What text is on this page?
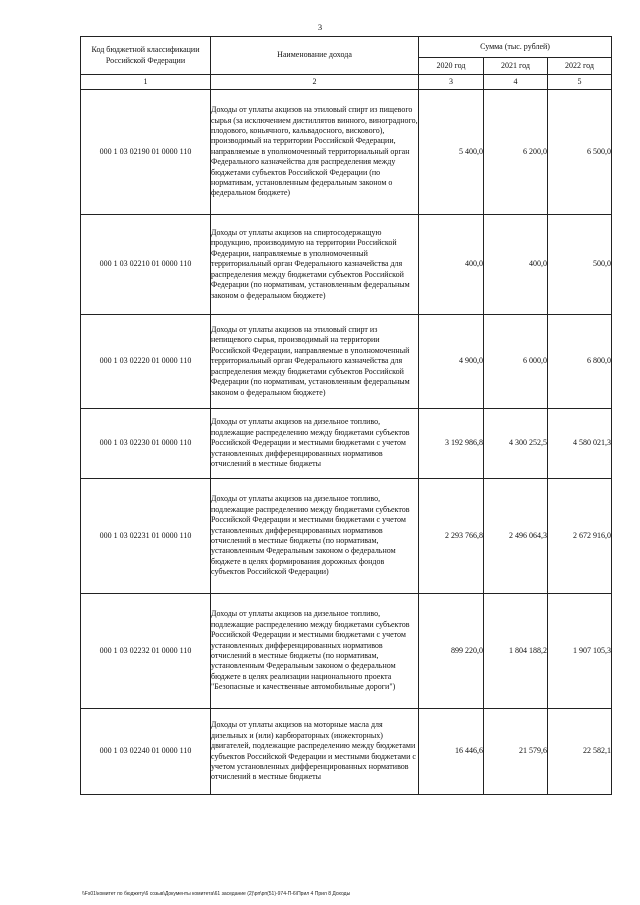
3
Код бюджетной классификации Российской Федерации	Наименование дохода	Сумма (тыс. рублей)		
		2020 год	2021 год	2022 год
1	2	3	4	5
000 1 03 02190 01 0000 110	Доходы от уплаты акцизов на этиловый спирт из пищевого сырья (за исключением дистиллятов винного, виноградного, плодового, коньячного, кальвадосного, вискового), производимый на территории Российской Федерации, направляемые в уполномоченный территориальный орган Федерального казначейства для распределения между бюджетами субъектов Российской Федерации (по нормативам, установленным федеральным законом о федеральном бюджете)	5 400,0	6 200,0	6 500,0
000 1 03 02210 01 0000 110	Доходы от уплаты акцизов на спиртосодержащую продукцию, производимую на территории Российской Федерации, направляемые в уполномоченный территориальный орган Федерального казначейства для распределения между бюджетами субъектов Российской Федерации (по нормативам, установленным федеральным законом о федеральном бюджете)	400,0	400,0	500,0
000 1 03 02220 01 0000 110	Доходы от уплаты акцизов на этиловый спирт из непищевого сырья, производимый на территории Российской Федерации, направляемые в уполномоченный территориальный орган Федерального казначейства для распределения между бюджетами субъектов Российской Федерации (по нормативам, установленным федеральным законом о федеральном бюджете)	4 900,0	6 000,0	6 800,0
000 1 03 02230 01 0000 110	Доходы от уплаты акцизов на дизельное топливо, подлежащие распределению между бюджетами субъектов Российской Федерации и местными бюджетами с учетом установленных дифференцированных нормативов отчислений в местные бюджеты	3 192 986,8	4 300 252,5	4 580 021,3
000 1 03 02231 01 0000 110	Доходы от уплаты акцизов на дизельное топливо, подлежащие распределению между бюджетами субъектов Российской Федерации и местными бюджетами с учетом установленных дифференцированных нормативов отчислений в местные бюджеты (по нормативам, установленным Федеральным законом о федеральном бюджете в целях формирования дорожных фондов субъектов Российской Федерации)	2 293 766,8	2 496 064,3	2 672 916,0
000 1 03 02232 01 0000 110	Доходы от уплаты акцизов на дизельное топливо, подлежащие распределению между бюджетами субъектов Российской Федерации и местными бюджетами с учетом установленных дифференцированных нормативов отчислений в местные бюджеты (по нормативам, установленным Федеральным законом о федеральном бюджете в целях реализации национального проекта "Безопасные и качественные автомобильные дороги")	899 220,0	1 804 188,2	1 907 105,3
000 1 03 02240 01 0000 110	Доходы от уплаты акцизов на моторные масла для дизельных и (или) карбюраторных (инжекторных) двигателей, подлежащие распределению между бюджетами субъектов Российской Федерации и местными бюджетами с учетом установленных дифференцированных нормативов отчислений в местные бюджеты	16 446,6	21 579,6	22 582,1
\\Fs01\комитет по бюджету\6 созыв\Документы комитета\61 заседание (2)\рп\рп(51)-974-П-6\Прил 4 Прил 8 Доходы
